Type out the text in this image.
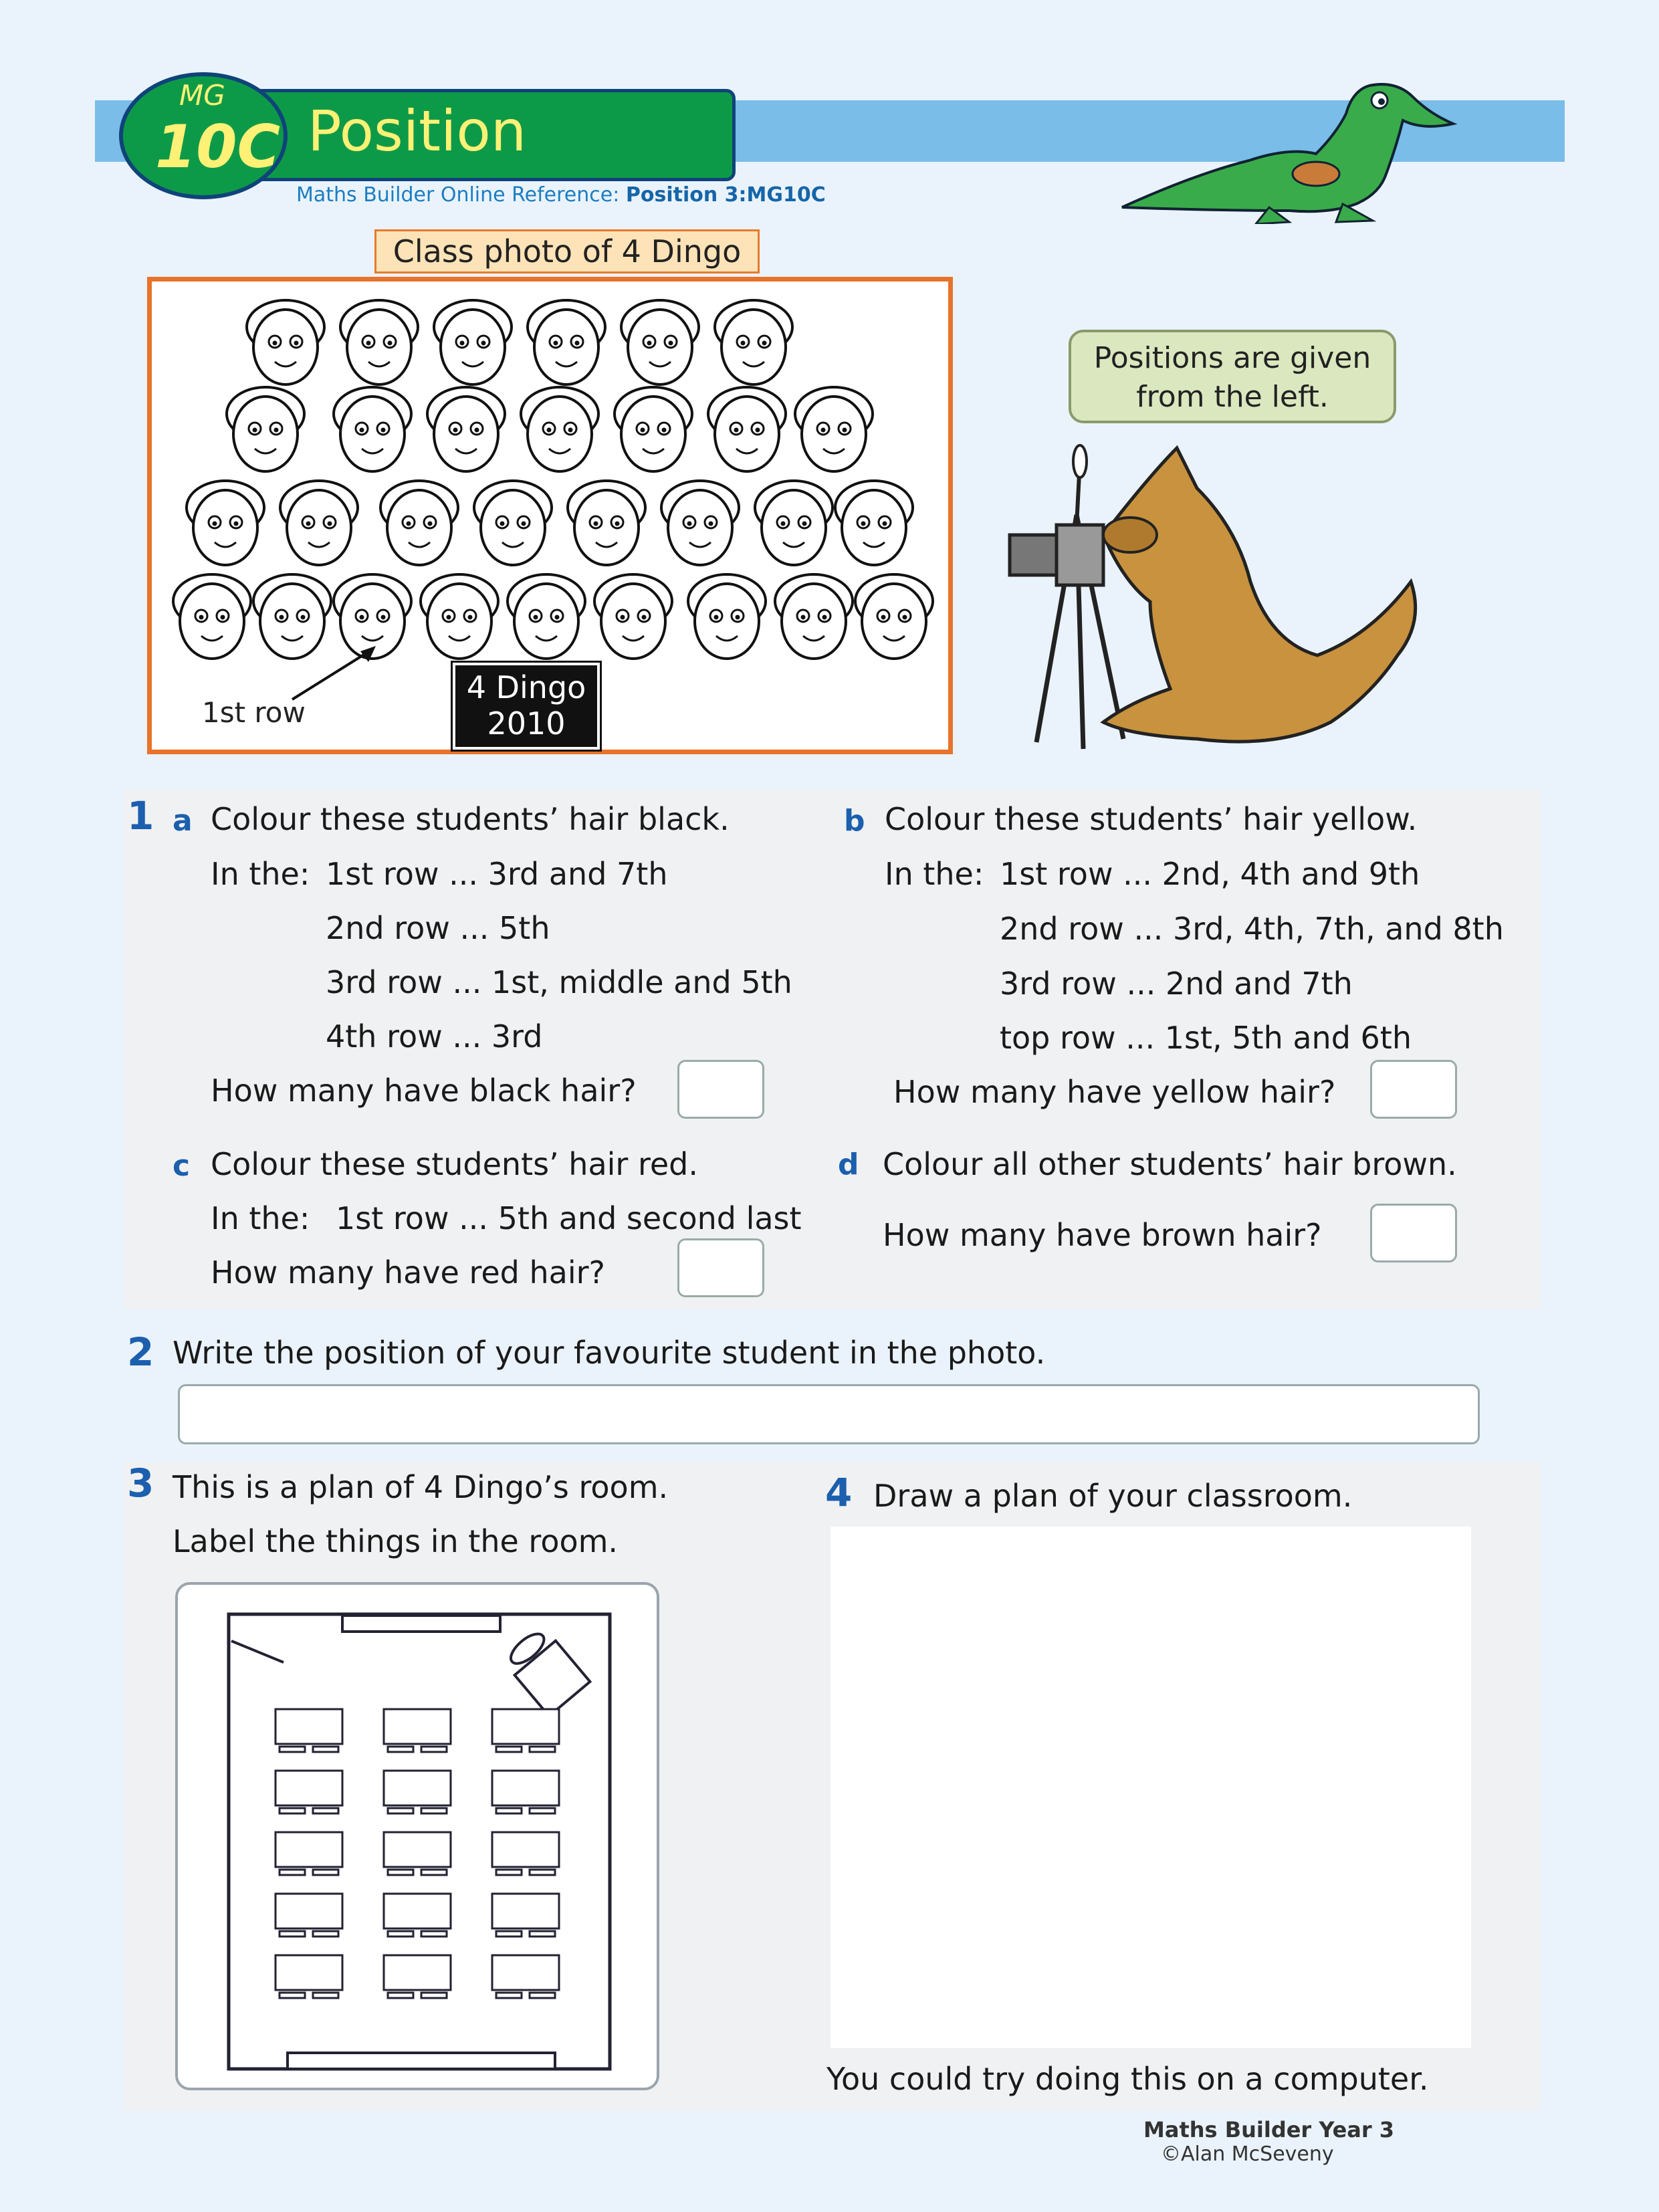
Position
MG
10C
Maths Builder Online Reference: Position 3:MG10C
Class photo of 4 Dingo
4 Dingo
2010
1st row
Positions are given
from the left.
1 a Colour these students’ hair black.
In the: 1st row ... 3rd and 7th
2nd row ... 5th
3rd row ... 1st, middle and 5th
4th row ... 3rd
How many have black hair?
b Colour these students’ hair yellow.
In the: 1st row ... 2nd, 4th and 9th
2nd row ... 3rd, 4th, 7th, and 8th
3rd row ... 2nd and 7th
top row ... 1st, 5th and 6th
How many have yellow hair?
c Colour these students’ hair red.
In the: 1st row ... 5th and second last
How many have red hair?
d Colour all other students’ hair brown.
How many have brown hair?
2 Write the position of your favourite student in the photo.
3 This is a plan of 4 Dingo’s room.
Label the things in the room.
4 Draw a plan of your classroom.
You could try doing this on a computer.
Maths Builder Year 3
©Alan McSeveny
